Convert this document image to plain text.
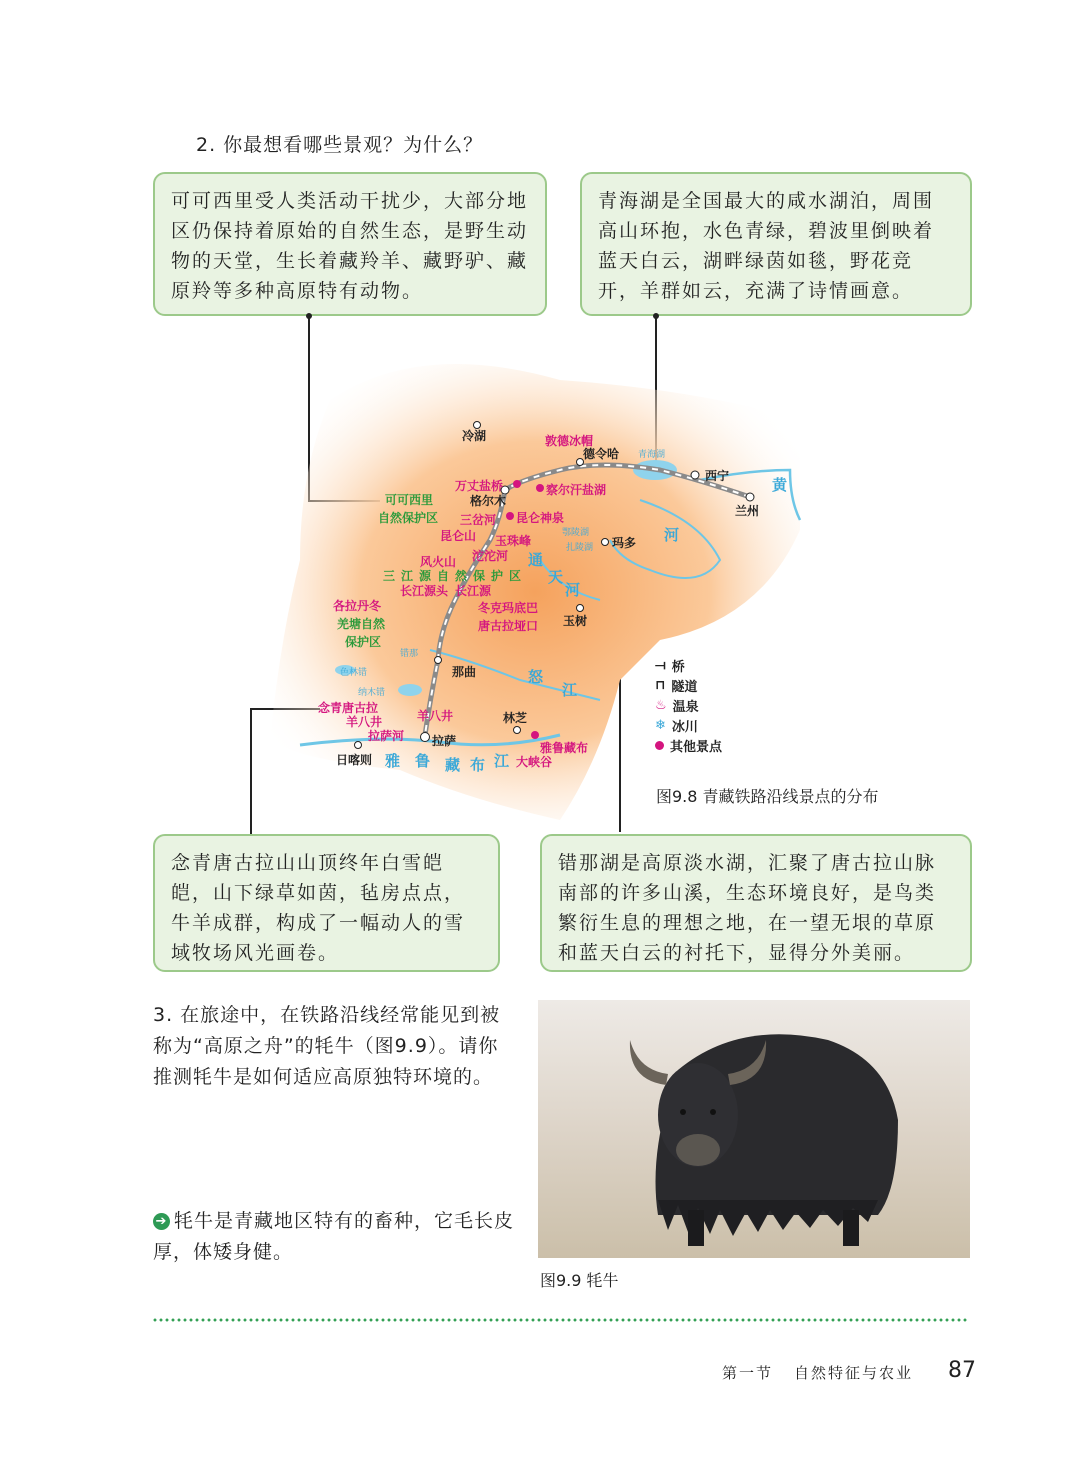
2. 你最想看哪些景观？为什么？
可可西里受人类活动干扰少，大部分地区仍保持着原始的自然生态，是野生动物的天堂，生长着藏羚羊、藏野驴、藏原羚等多种高原特有动物。
青海湖是全国最大的咸水湖泊，周围高山环抱，水色青绿，碧波里倒映着蓝天白云，湖畔绿茵如毯，野花竞开，羊群如云，充满了诗情画意。
敦德冰帽
冷湖
德令哈
西宁
兰州
格尔木
玛多
玉树
那曲
林芝
日喀则
拉萨
万丈盐桥	察尔汗盐湖
昆仑神泉
三岔河
昆仑山 玉珠峰
风火山 沱沱河
长江源头 长江源
各拉丹冬	冬克玛底巴
唐古拉垭口
念青唐古拉
羊八井	羊八井
拉萨河
雅鲁藏布
大峡谷
可可西里
自然保护区
三江源自然保护区
羌塘自然
保护区
青海湖
扎陵湖
鄂陵湖
色林错
错那
纳木错
黄
河
通
天
河
怒
江
雅 鲁 藏 布 江
⟞ 桥
⊓ 隧道
♨ 温泉
❄ 冰川
其他景点
图9.8 青藏铁路沿线景点的分布
念青唐古拉山山顶终年白雪皑皑，山下绿草如茵，毡房点点，牛羊成群，构成了一幅动人的雪域牧场风光画卷。
错那湖是高原淡水湖，汇聚了唐古拉山脉南部的许多山溪，生态环境良好，是鸟类繁衍生息的理想之地，在一望无垠的草原和蓝天白云的衬托下，显得分外美丽。
3. 在旅途中，在铁路沿线经常能见到被称为“高原之舟”的牦牛（图9.9）。请你推测牦牛是如何适应高原独特环境的。
➔ 牦牛是青藏地区特有的畜种，它毛长皮厚，体矮身健。
图9.9 牦牛
第一节 自然特征与农业 87
